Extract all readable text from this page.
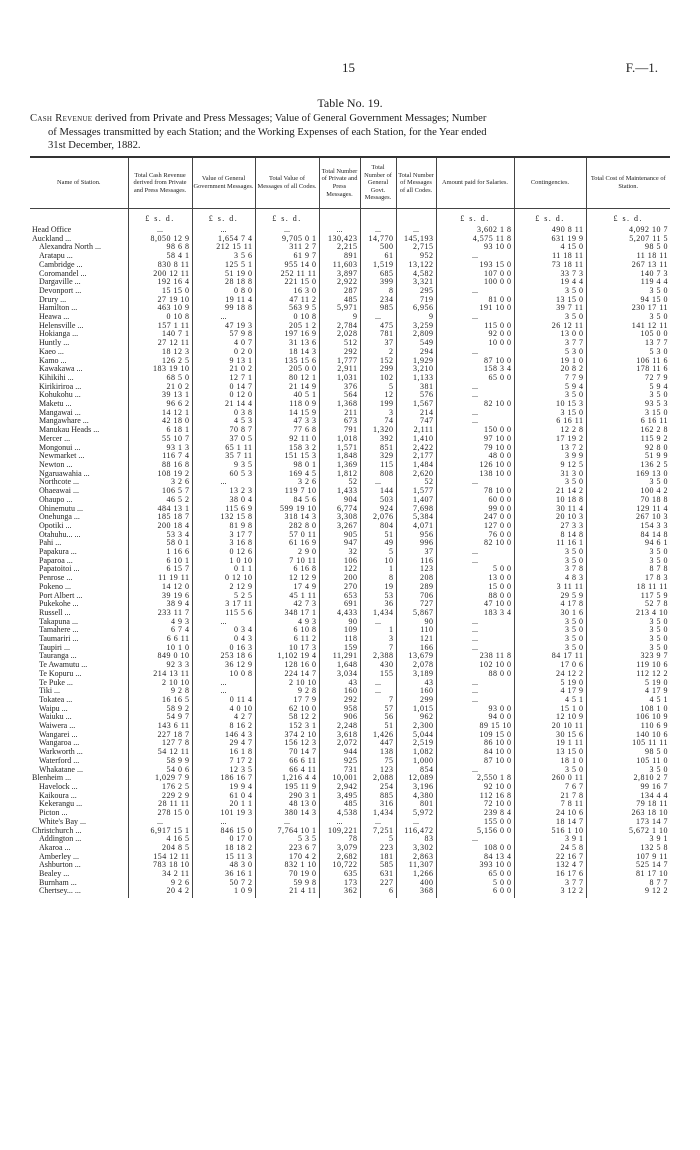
15	F.—1.
Table No. 19.

Cash Revenue derived from Private and Press Messages; Value of General Government Messages; Number

of Messages transmitted by each Station; and the Working Expenses of each Station, for the Year ended

31st December, 1882.

Name of Station.	Total Cash Revenue derived from Private and Press Messages.	Value of General Government Messages.	Total Value of Messages of all Codes.	Total Number of Private and Press Messages.	Total Number of General Govt. Messages.	Total Number of Messages of all Codes.	Amount paid for Salaries.	Contingencies.	Total Cost of Maintenance of Station.
	£ s. d.	£ s. d.	£ s. d.				£ s. d.	£ s. d.	£ s. d.
Head Office	...	...	...	...	...	...	3,602 1 8	490 8 11	4,092 10 7
Auckland ...	8,050 12 9	1,654 7 4	9,705 0 1	130,423	14,770	145,193	4,575 11 8	631 19 9	5,207 11 5
Alexandra North ...	98 6 8	212 15 11	311 2 7	2,215	500	2,715	93 10 0	4 15 0	98 5 0
Aratapu ...	58 4 1	3 5 6	61 9 7	891	61	952	...	11 18 11	11 18 11
Cambridge ...	830 8 11	125 5 1	955 14 0	11,603	1,519	13,122	193 15 0	73 18 11	267 13 11
Coromandel ...	200 12 11	51 19 0	252 11 11	3,897	685	4,582	107 0 0	33 7 3	140 7 3
Dargaville ...	192 16 4	28 18 8	221 15 0	2,922	399	3,321	100 0 0	19 4 4	119 4 4
Devonport ...	15 15 0	0 8 0	16 3 0	287	8	295	...	3 5 0	3 5 0
Drury ...	27 19 10	19 11 4	47 11 2	485	234	719	81 0 0	13 15 0	94 15 0
Hamilton ...	463 10 9	99 18 8	563 9 5	5,971	985	6,956	191 10 0	39 7 11	230 17 11
Heawa ...	0 10 8	...	0 10 8	9	...	9	...	3 5 0	3 5 0
Helensville ...	157 1 11	47 19 3	205 1 2	2,784	475	3,259	115 0 0	26 12 11	141 12 11
Hokianga ...	140 7 1	57 9 8	197 16 9	2,028	781	2,809	92 0 0	13 0 0	105 0 0
Huntly ...	27 12 11	4 0 7	31 13 6	512	37	549	10 0 0	3 7 7	13 7 7
Kaeo ...	18 12 3	0 2 0	18 14 3	292	2	294	...	5 3 0	5 3 0
Kamo ...	126 2 5	9 13 1	135 15 6	1,777	152	1,929	87 10 0	19 1 0	106 11 6
Kawakawa ...	183 19 10	21 0 2	205 0 0	2,911	299	3,210	158 3 4	20 8 2	178 11 6
Kihikihi ...	68 5 0	12 7 1	80 12 1	1,031	102	1,133	65 0 0	7 7 9	72 7 9
Kirikiriroa ...	21 0 2	0 14 7	21 14 9	376	5	381	...	5 9 4	5 9 4
Kohukohu ...	39 13 1	0 12 0	40 5 1	564	12	576	...	3 5 0	3 5 0
Maketu ...	96 6 2	21 14 4	118 0 9	1,368	199	1,567	82 10 0	10 15 3	93 5 3
Mangawai ...	14 12 1	0 3 8	14 15 9	211	3	214	...	3 15 0	3 15 0
Mangawhare ...	42 18 0	4 5 3	47 3 3	673	74	747	...	6 16 11	6 16 11
Manukau Heads ...	6 18 1	70 8 7	77 6 8	791	1,320	2,111	150 0 0	12 2 8	162 2 8
Mercer ...	55 10 7	37 0 5	92 11 0	1,018	392	1,410	97 10 0	17 19 2	115 9 2
Mongonui ...	93 1 3	65 1 11	158 3 2	1,571	851	2,422	79 10 0	13 7 2	92 8 0
Newmarket ...	116 7 4	35 7 11	151 15 3	1,848	329	2,177	48 0 0	3 9 9	51 9 9
Newton ...	88 16 8	9 3 5	98 0 1	1,369	115	1,484	126 10 0	9 12 5	136 2 5
Ngaruawahia ...	108 19 2	60 5 3	169 4 5	1,812	808	2,620	138 10 0	31 3 0	169 13 0
Northcote ...	3 2 6	...	3 2 6	52	...	52	...	3 5 0	3 5 0
Ohaeawai ...	106 5 7	13 2 3	119 7 10	1,433	144	1,577	78 10 0	21 14 2	100 4 2
Ohaupo ...	46 5 2	38 0 4	84 5 6	904	503	1,407	60 0 0	10 18 8	70 18 8
Ohinemutu ...	484 13 1	115 6 9	599 19 10	6,774	924	7,698	99 0 0	30 11 4	129 11 4
Onehunga ...	185 18 7	132 15 8	318 14 3	3,308	2,076	5,384	247 0 0	20 10 3	267 10 3
Opotiki ...	200 18 4	81 9 8	282 8 0	3,267	804	4,071	127 0 0	27 3 3	154 3 3
Otahuhu... ...	53 3 4	3 17 7	57 0 11	905	51	956	76 0 0	8 14 8	84 14 8
Pahi ...	58 0 1	3 16 8	61 16 9	947	49	996	82 10 0	11 16 1	94 6 1
Papakura ...	1 16 6	0 12 6	2 9 0	32	5	37	...	3 5 0	3 5 0
Paparoa ...	6 10 1	1 0 10	7 10 11	106	10	116	...	3 5 0	3 5 0
Papatoitoi ...	6 15 7	0 1 1	6 16 8	122	1	123	5 0 0	3 7 8	8 7 8
Penrose ...	11 19 11	0 12 10	12 12 9	200	8	208	13 0 0	4 8 3	17 8 3
Pokeno ...	14 12 0	2 12 9	17 4 9	270	19	289	15 0 0	3 11 11	18 11 11
Port Albert ...	39 19 6	5 2 5	45 1 11	653	53	706	88 0 0	29 5 9	117 5 9
Pukekohe ...	38 9 4	3 17 11	42 7 3	691	36	727	47 10 0	4 17 8	52 7 8
Russell ...	233 11 7	115 5 6	348 17 1	4,433	1,434	5,867	183 3 4	30 1 6	213 4 10
Takapuna ...	4 9 3	...	4 9 3	90	...	90	...	3 5 0	3 5 0
Tamahere ...	6 7 4	0 3 4	6 10 8	109	1	110	...	3 5 0	3 5 0
Taumariri ...	6 6 11	0 4 3	6 11 2	118	3	121	...	3 5 0	3 5 0
Taupiri ...	10 1 0	0 16 3	10 17 3	159	7	166	...	3 5 0	3 5 0
Tauranga ...	849 0 10	253 18 6	1,102 19 4	11,291	2,388	13,679	238 11 8	84 17 11	323 9 7
Te Awamutu ...	92 3 3	36 12 9	128 16 0	1,648	430	2,078	102 10 0	17 0 6	119 10 6
Te Kopuru ...	214 13 11	10 0 8	224 14 7	3,034	155	3,189	88 0 0	24 12 2	112 12 2
Te Puke ...	2 10 10	...	2 10 10	43	...	43	...	5 19 0	5 19 0
Tiki ...	9 2 8	...	9 2 8	160	...	160	...	4 17 9	4 17 9
Tokatea ...	16 16 5	0 11 4	17 7 9	292	7	299	...	4 5 1	4 5 1
Waipu ...	58 9 2	4 0 10	62 10 0	958	57	1,015	93 0 0	15 1 0	108 1 0
Waiuku ...	54 9 7	4 2 7	58 12 2	906	56	962	94 0 0	12 10 9	106 10 9
Waiwera ...	143 6 11	8 16 2	152 3 1	2,248	51	2,300	89 15 10	20 10 11	110 6 9
Wangarei ...	227 18 7	146 4 3	374 2 10	3,618	1,426	5,044	109 15 0	30 15 6	140 10 6
Wangaroa ...	127 7 8	29 4 7	156 12 3	2,072	447	2,519	86 10 0	19 1 11	105 11 11
Warkworth ...	54 12 11	16 1 8	70 14 7	944	138	1,082	84 10 0	13 15 0	98 5 0
Waterford ...	58 9 9	7 17 2	66 6 11	925	75	1,000	87 10 0	18 1 0	105 11 0
Whakatane ...	54 0 6	12 3 5	66 4 11	731	123	854	...	3 5 0	3 5 0
Blenheim ...	1,029 7 9	186 16 7	1,216 4 4	10,001	2,088	12,089	2,550 1 8	260 0 11	2,810 2 7
Havelock ...	176 2 5	19 9 4	195 11 9	2,942	254	3,196	92 10 0	7 6 7	99 16 7
Kaikoura ...	229 2 9	61 0 4	290 3 1	3,495	885	4,380	112 16 8	21 7 8	134 4 4
Kekerangu ...	28 11 11	20 1 1	48 13 0	485	316	801	72 10 0	7 8 11	79 18 11
Picton ...	278 15 0	101 19 3	380 14 3	4,538	1,434	5,972	239 8 4	24 10 6	263 18 10
White's Bay ...	...	...	...	...	...	...	155 0 0	18 14 7	173 14 7
Christchurch ...	6,917 15 1	846 15 0	7,764 10 1	109,221	7,251	116,472	5,156 0 0	516 1 10	5,672 1 10
Addington ...	4 16 5	0 17 0	5 3 5	78	5	83	...	3 9 1	3 9 1
Akaroa ...	204 8 5	18 18 2	223 6 7	3,079	223	3,302	108 0 0	24 5 8	132 5 8
Amberley ...	154 12 11	15 11 3	170 4 2	2,682	181	2,863	84 13 4	22 16 7	107 9 11
Ashburton ...	783 18 10	48 3 0	832 1 10	10,722	585	11,307	393 10 0	132 4 7	525 14 7
Bealey ...	34 2 11	36 16 1	70 19 0	635	631	1,266	65 0 0	16 17 6	81 17 10
Burnham ...	9 2 6	50 7 2	59 9 8	173	227	400	5 0 0	3 7 7	8 7 7
Chertsey... ...	20 4 2	1 0 9	21 4 11	362	6	368	6 0 0	3 12 2	9 12 2
